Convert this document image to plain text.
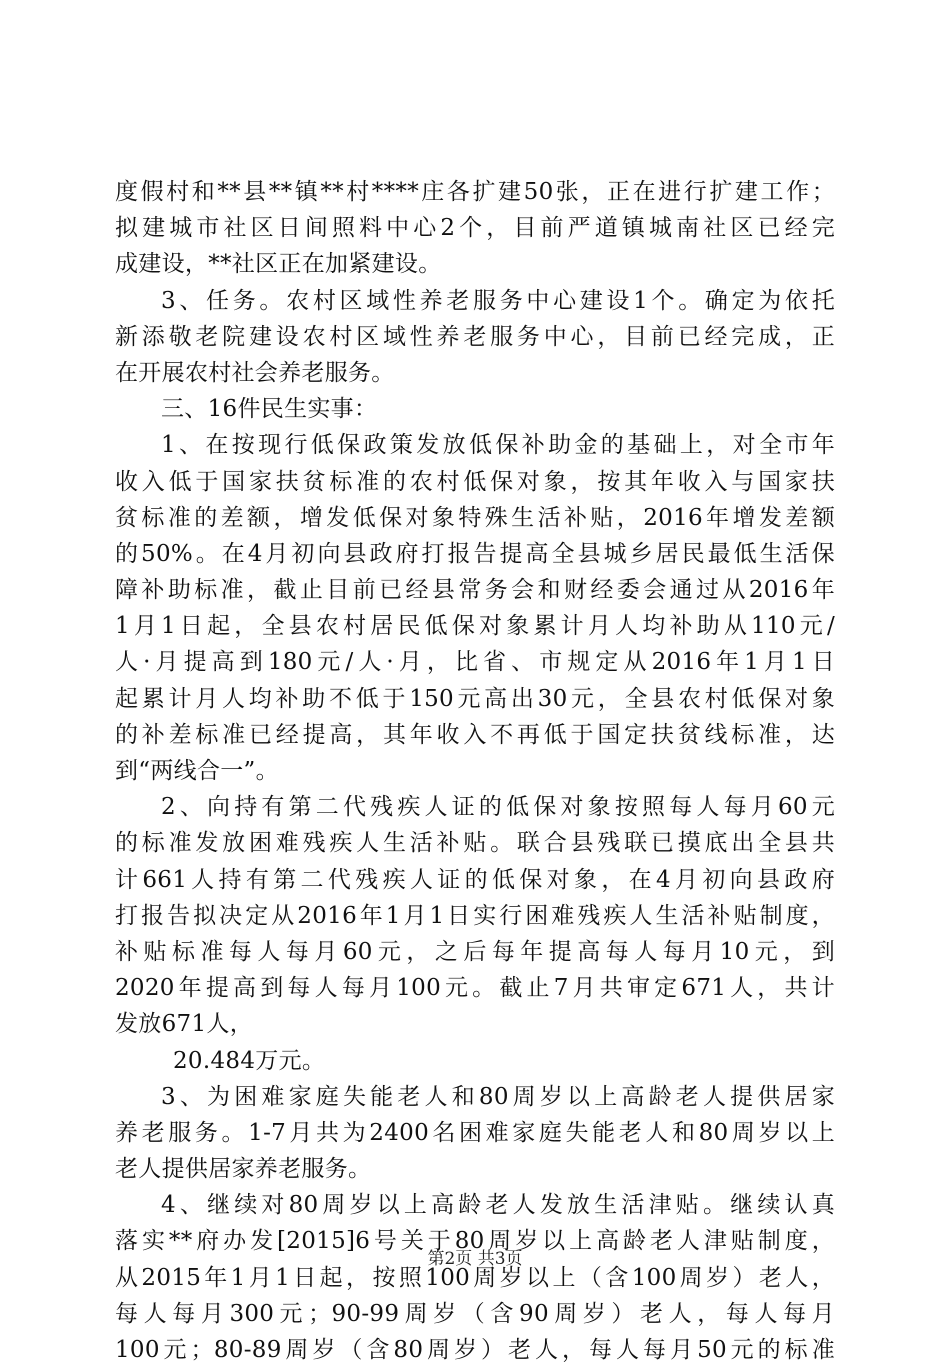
度假村和**县**镇**村****庄各扩建50张，正在进行扩建工作；
拟建城市社区日间照料中心2个，目前严道镇城南社区已经完
成建设，**社区正在加紧建设。
3、任务。农村区域性养老服务中心建设1个。确定为依托
新添敬老院建设农村区域性养老服务中心，目前已经完成，正
在开展农村社会养老服务。
三、16件民生实事：
1、在按现行低保政策发放低保补助金的基础上，对全市年
收入低于国家扶贫标准的农村低保对象，按其年收入与国家扶
贫标准的差额，增发低保对象特殊生活补贴，2016年增发差额
的50%。在4月初向县政府打报告提高全县城乡居民最低生活保
障补助标准，截止目前已经县常务会和财经委会通过从2016年
1月1日起，全县农村居民低保对象累计月人均补助从110元/
人·月提高到180元/人·月，比省、市规定从2016年1月1日
起累计月人均补助不低于150元高出30元，全县农村低保对象
的补差标准已经提高，其年收入不再低于国定扶贫线标准，达
到“两线合一”。
2、向持有第二代残疾人证的低保对象按照每人每月60元
的标准发放困难残疾人生活补贴。联合县残联已摸底出全县共
计661人持有第二代残疾人证的低保对象，在4月初向县政府
打报告拟决定从2016年1月1日实行困难残疾人生活补贴制度，
补贴标准每人每月60元，之后每年提高每人每月10元，到
2020年提高到每人每月100元。截止7月共审定671人，共计
发放671人，
20.484万元。
3、为困难家庭失能老人和80周岁以上高龄老人提供居家
养老服务。1-7月共为2400名困难家庭失能老人和80周岁以上
老人提供居家养老服务。
4、继续对80周岁以上高龄老人发放生活津贴。继续认真
落实**府办发[2015]6号关于80周岁以上高龄老人津贴制度，
从2015年1月1日起，按照100周岁以上（含100周岁）老人，
每人每月300元；90-99周岁（含90周岁）老人，每人每月
100元；80-89周岁（含80周岁）老人，每人每月50元的标准
第2页 共3页
